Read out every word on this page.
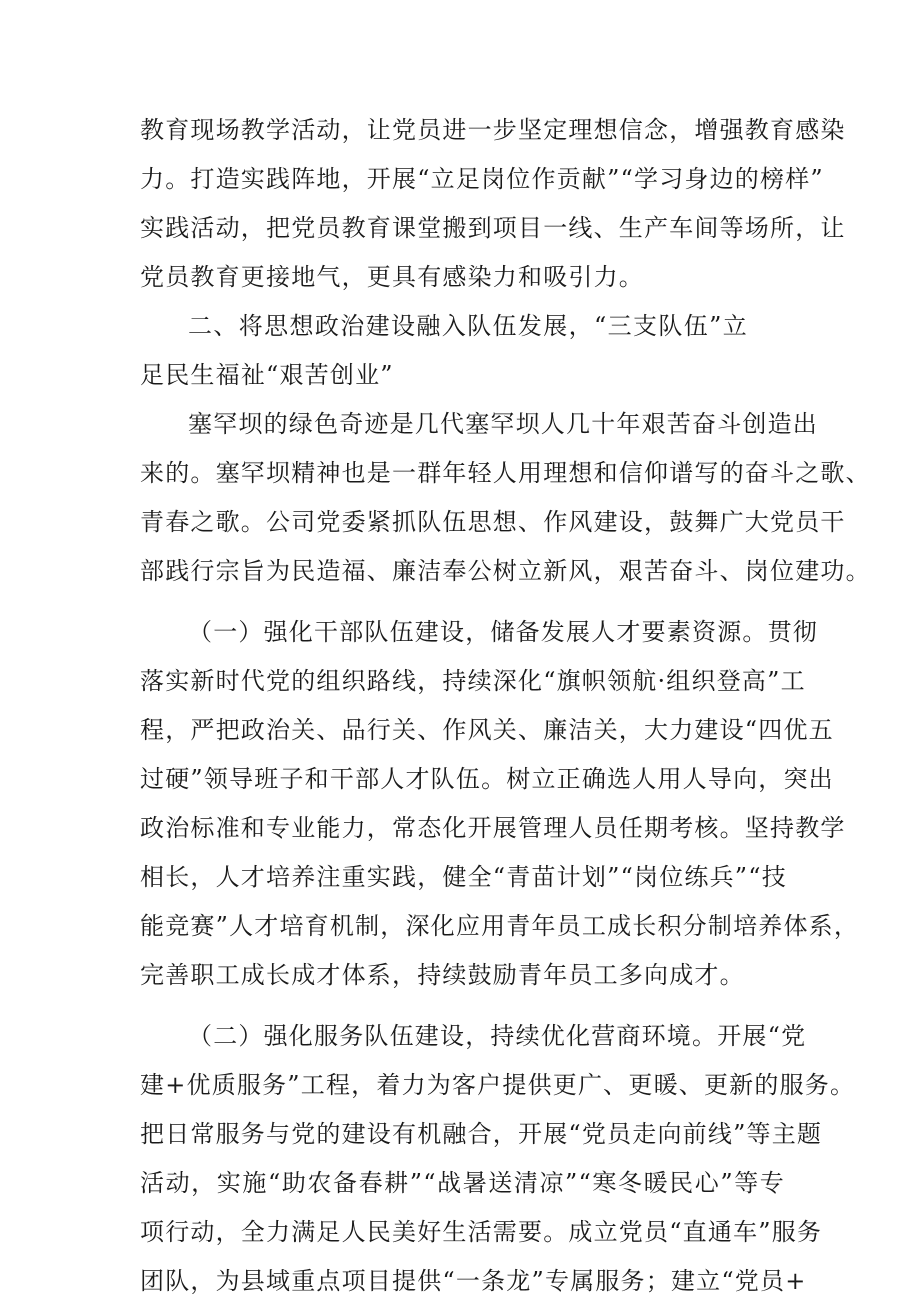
教育现场教学活动，让党员进一步坚定理想信念，增强教育感染
力。打造实践阵地，开展“立足岗位作贡献”“学习身边的榜样”
实践活动，把党员教育课堂搬到项目一线、生产车间等场所，让
党员教育更接地气，更具有感染力和吸引力。
二、将思想政治建设融入队伍发展，“三支队伍”立
足民生福祉“艰苦创业”
塞罕坝的绿色奇迹是几代塞罕坝人几十年艰苦奋斗创造出
来的。塞罕坝精神也是一群年轻人用理想和信仰谱写的奋斗之歌、
青春之歌。公司党委紧抓队伍思想、作风建设，鼓舞广大党员干
部践行宗旨为民造福、廉洁奉公树立新风，艰苦奋斗、岗位建功。
（一）强化干部队伍建设，储备发展人才要素资源。贯彻
落实新时代党的组织路线，持续深化“旗帜领航·组织登高”工
程，严把政治关、品行关、作风关、廉洁关，大力建设“四优五
过硬”领导班子和干部人才队伍。树立正确选人用人导向，突出
政治标准和专业能力，常态化开展管理人员任期考核。坚持教学
相长，人才培养注重实践，健全“青苗计划”“岗位练兵”“技
能竞赛”人才培育机制，深化应用青年员工成长积分制培养体系，
完善职工成长成才体系，持续鼓励青年员工多向成才。
（二）强化服务队伍建设，持续优化营商环境。开展“党
建+优质服务”工程，着力为客户提供更广、更暖、更新的服务。
把日常服务与党的建设有机融合，开展“党员走向前线”等主题
活动，实施“助农备春耕”“战暑送清凉”“寒冬暖民心”等专
项行动，全力满足人民美好生活需要。成立党员“直通车”服务
团队，为县域重点项目提供“一条龙”专属服务；建立“党员+
